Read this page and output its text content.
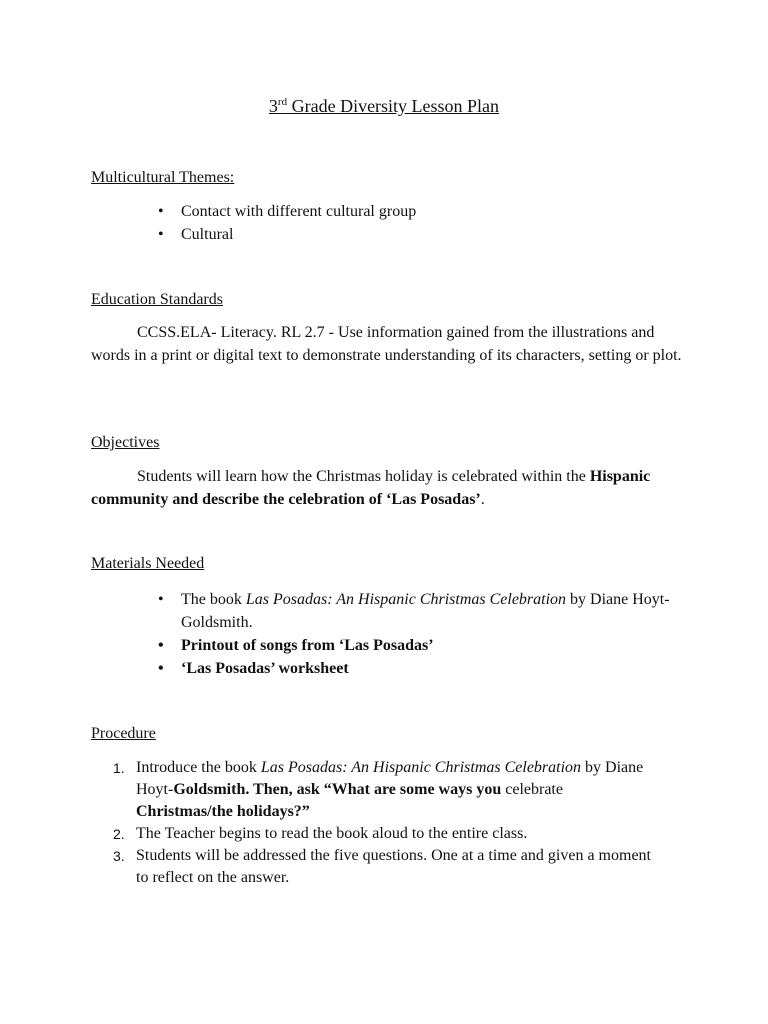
3rd Grade Diversity Lesson Plan

Multicultural Themes:

• Contact with different cultural group
• Cultural

Education Standards

CCSS.ELA- Literacy. RL 2.7 - Use information gained from the illustrations and words in a print or digital text to demonstrate understanding of its characters, setting or plot.

Objectives

Students will learn how the Christmas holiday is celebrated within the Hispanic community and describe the celebration of ‘Las Posadas’.

Materials Needed

• The book Las Posadas: An Hispanic Christmas Celebration by Diane Hoyt-Goldsmith.
• Printout of songs from ‘Las Posadas’
• ‘Las Posadas’ worksheet

Procedure

1. Introduce the book Las Posadas: An Hispanic Christmas Celebration by Diane Hoyt-Goldsmith. Then, ask “What are some ways you celebrate Christmas/the holidays?”
2. The Teacher begins to read the book aloud to the entire class.
3. Students will be addressed the five questions. One at a time and given a moment to reflect on the answer.
